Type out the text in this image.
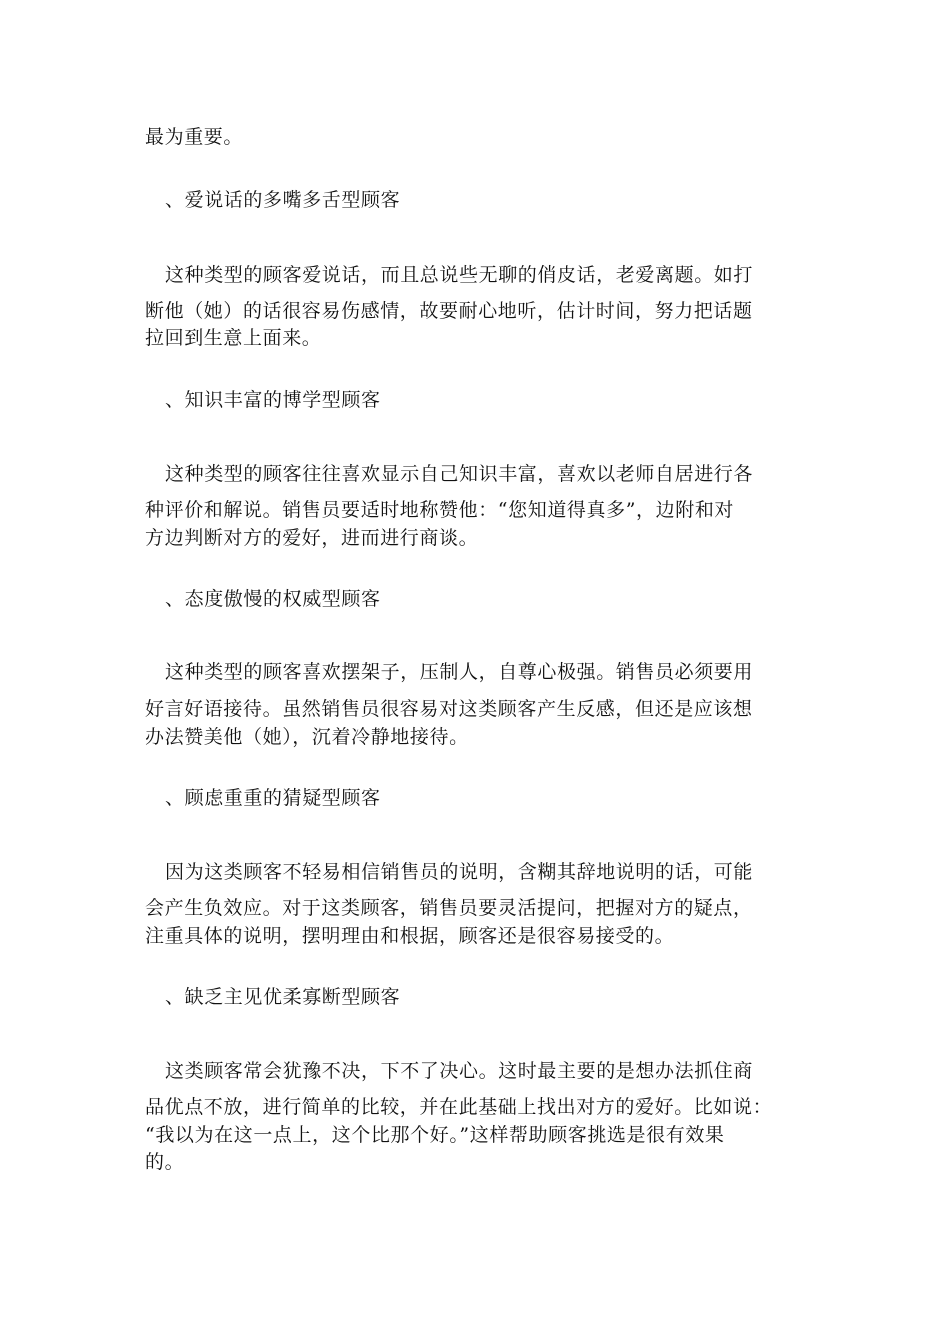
最为重要。
、爱说话的多嘴多舌型顾客
这种类型的顾客爱说话，而且总说些无聊的俏皮话，老爱离题。如打
断他（她）的话很容易伤感情，故要耐心地听，估计时间，努力把话题
拉回到生意上面来。
、知识丰富的博学型顾客
这种类型的顾客往往喜欢显示自己知识丰富，喜欢以老师自居进行各
种评价和解说。销售员要适时地称赞他：“您知道得真多”，边附和对
方边判断对方的爱好，进而进行商谈。
、态度傲慢的权威型顾客
这种类型的顾客喜欢摆架子，压制人，自尊心极强。销售员必须要用
好言好语接待。虽然销售员很容易对这类顾客产生反感，但还是应该想
办法赞美他（她），沉着冷静地接待。
、顾虑重重的猜疑型顾客
因为这类顾客不轻易相信销售员的说明，含糊其辞地说明的话，可能
会产生负效应。对于这类顾客，销售员要灵活提问，把握对方的疑点，
注重具体的说明，摆明理由和根据，顾客还是很容易接受的。
、缺乏主见优柔寡断型顾客
这类顾客常会犹豫不决，下不了决心。这时最主要的是想办法抓住商
品优点不放，进行简单的比较，并在此基础上找出对方的爱好。比如说：
“我以为在这一点上，这个比那个好。”这样帮助顾客挑选是很有效果
的。
